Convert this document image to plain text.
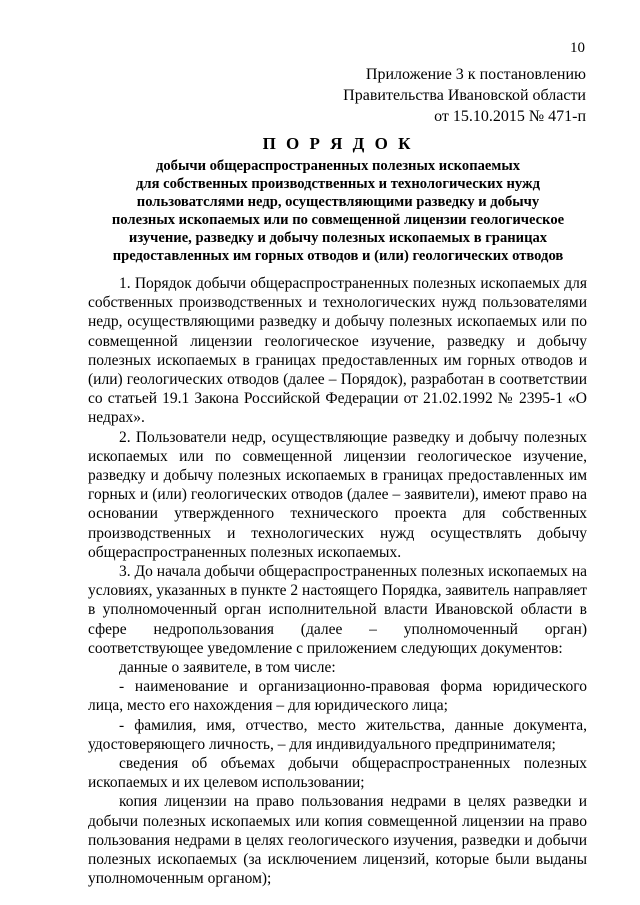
10
Приложение 3 к постановлению
Правительства Ивановской области
от 15.10.2015 № 471-п
П О Р Я Д О К
добычи общераспространенных полезных ископаемых
для собственных производственных и технологических нужд
пользоватслями недр, осуществляющими разведку и добычу
полезных ископаемых или по совмещенной лицензии геологическое
изучение, разведку и добычу полезных ископаемых в границах
предоставленных им горных отводов и (или) геологических отводов

1. Порядок добычи общераспространенных полезных ископаемых для собственных производственных и технологических нужд пользователями недр, осуществляющими разведку и добычу полезных ископаемых или по совмещенной лицензии геологическое изучение, разведку и добычу полезных ископаемых в границах предоставленных им горных отводов и (или) геологических отводов (далее – Порядок), разработан в соответствии со статьей 19.1 Закона Российской Федерации от 21.02.1992 № 2395-1 «О недрах».

2. Пользователи недр, осуществляющие разведку и добычу полезных ископаемых или по совмещенной лицензии геологическое изучение, разведку и добычу полезных ископаемых в границах предоставленных им горных и (или) геологических отводов (далее – заявители), имеют право на основании утвержденного технического проекта для собственных производственных и технологических нужд осуществлять добычу общераспространенных полезных ископаемых.

3. До начала добычи общераспространенных полезных ископаемых на условиях, указанных в пункте 2 настоящего Порядка, заявитель направляет в уполномоченный орган исполнительной власти Ивановской области в сфере недропользования (далее – уполномоченный орган) соответствующее уведомление с приложением следующих документов:

данные о заявителе, в том числе:

- наименование и организационно-правовая форма юридического лица, место его нахождения – для юридического лица;

- фамилия, имя, отчество, место жительства, данные документа, удостоверяющего личность, – для индивидуального предпринимателя;

сведения об объемах добычи общераспространенных полезных ископаемых и их целевом использовании;

копия лицензии на право пользования недрами в целях разведки и добычи полезных ископаемых или копия совмещенной лицензии на право пользования недрами в целях геологического изучения, разведки и добычи полезных ископаемых (за исключением лицензий, которые были выданы уполномоченным органом);
